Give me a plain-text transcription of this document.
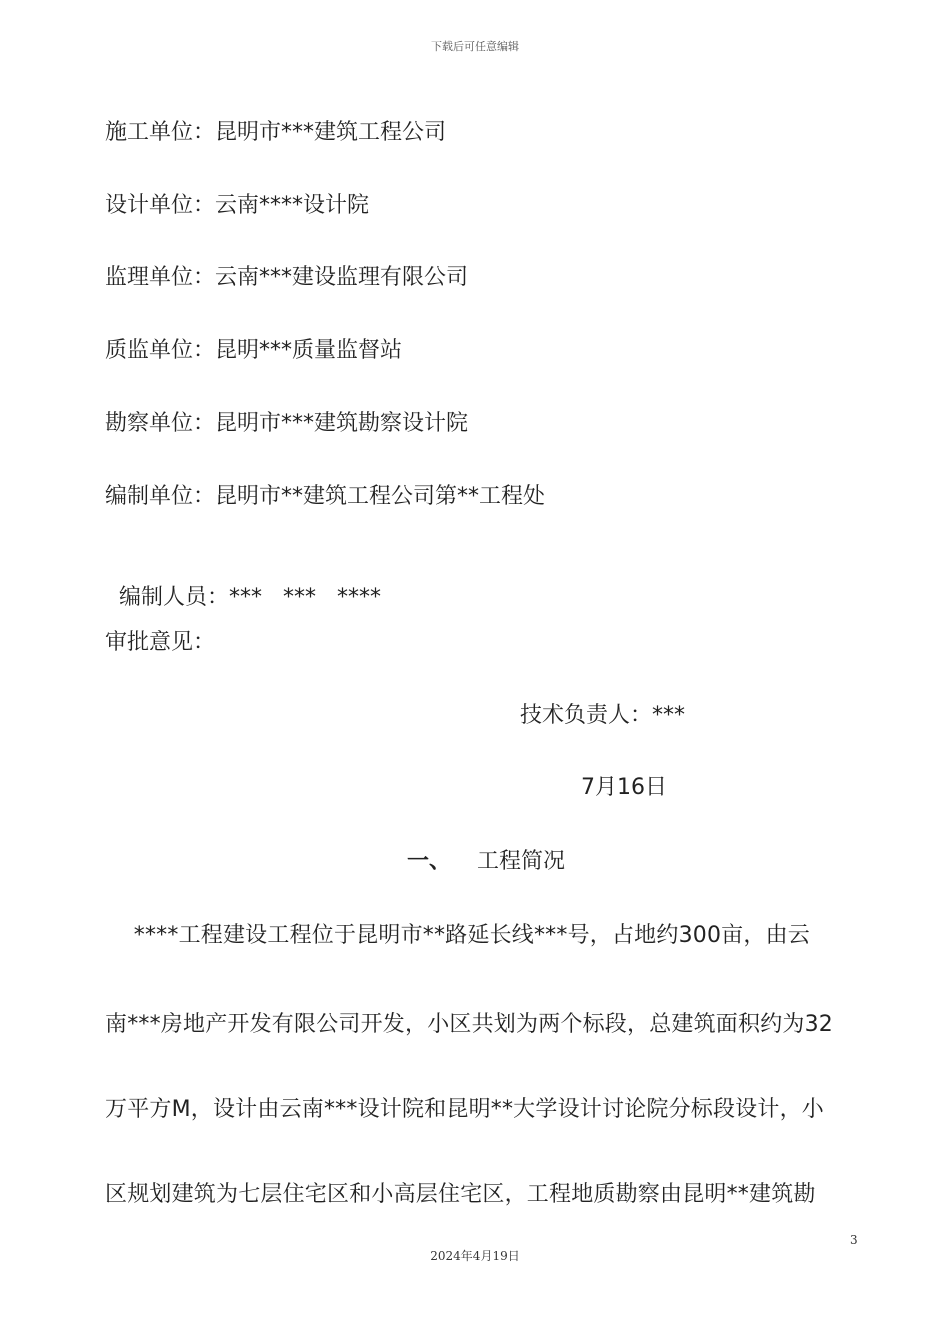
下载后可任意编辑
施工单位：昆明市***建筑工程公司
设计单位：云南****设计院
监理单位：云南***建设监理有限公司
质监单位：昆明***质量监督站
勘察单位：昆明市***建筑勘察设计院
编制单位：昆明市**建筑工程公司第**工程处

编制人员：***   ***   ****

审批意见：
技术负责人：***
7月16日
一、 工程简况
****工程建设工程位于昆明市**路延长线***号，占地约300亩，由云
南***房地产开发有限公司开发，小区共划为两个标段，总建筑面积约为32
万平方M，设计由云南***设计院和昆明**大学设计讨论院分标段设计，小
区规划建筑为七层住宅区和小高层住宅区，工程地质勘察由昆明**建筑勘
3
2024年4月19日
